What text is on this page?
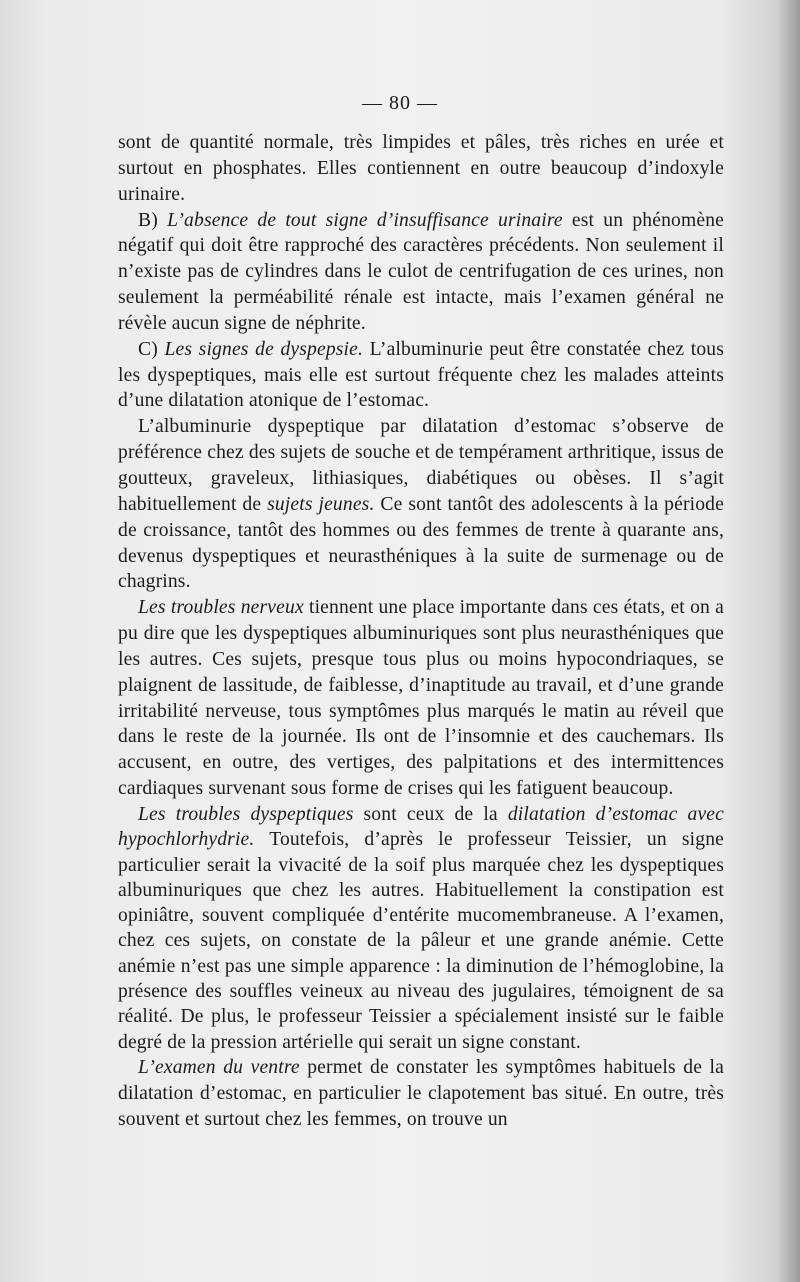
— 80 —

sont de quantité normale, très limpides et pâles, très riches en urée et surtout en phosphates. Elles contiennent en outre beaucoup d’indoxyle urinaire.

B) L’absence de tout signe d’insuffisance urinaire est un phénomène négatif qui doit être rapproché des caractères précédents. Non seulement il n’existe pas de cylindres dans le culot de centrifugation de ces urines, non seulement la perméabilité rénale est intacte, mais l’examen général ne révèle aucun signe de néphrite.

C) Les signes de dyspepsie. L’albuminurie peut être constatée chez tous les dyspeptiques, mais elle est surtout fréquente chez les malades atteints d’une dilatation atonique de l’estomac.

L’albuminurie dyspeptique par dilatation d’estomac s’observe de préférence chez des sujets de souche et de tempérament arthritique, issus de goutteux, graveleux, lithiasiques, diabétiques ou obèses. Il s’agit habituellement de sujets jeunes. Ce sont tantôt des adolescents à la période de croissance, tantôt des hommes ou des femmes de trente à quarante ans, devenus dyspeptiques et neurasthéniques à la suite de surmenage ou de chagrins.

Les troubles nerveux tiennent une place importante dans ces états, et on a pu dire que les dyspeptiques albuminuriques sont plus neurasthéniques que les autres. Ces sujets, presque tous plus ou moins hypocondriaques, se plaignent de lassitude, de faiblesse, d’inaptitude au travail, et d’une grande irritabilité nerveuse, tous symptômes plus marqués le matin au réveil que dans le reste de la journée. Ils ont de l’insomnie et des cauchemars. Ils accusent, en outre, des vertiges, des palpitations et des intermittences cardiaques survenant sous forme de crises qui les fatiguent beaucoup.

Les troubles dyspeptiques sont ceux de la dilatation d’estomac avec hypochlorhydrie. Toutefois, d’après le professeur Teissier, un signe particulier serait la vivacité de la soif plus marquée chez les dyspeptiques albuminuriques que chez les autres. Habituellement la constipation est opiniâtre, souvent compliquée d’entérite mucomembraneuse. A l’examen, chez ces sujets, on constate de la pâleur et une grande anémie. Cette anémie n’est pas une simple apparence : la diminution de l’hémoglobine, la présence des souffles veineux au niveau des jugulaires, témoignent de sa réalité. De plus, le professeur Teissier a spécialement insisté sur le faible degré de la pression artérielle qui serait un signe constant.

L’examen du ventre permet de constater les symptômes habituels de la dilatation d’estomac, en particulier le clapotement bas situé. En outre, très souvent et surtout chez les femmes, on trouve un
